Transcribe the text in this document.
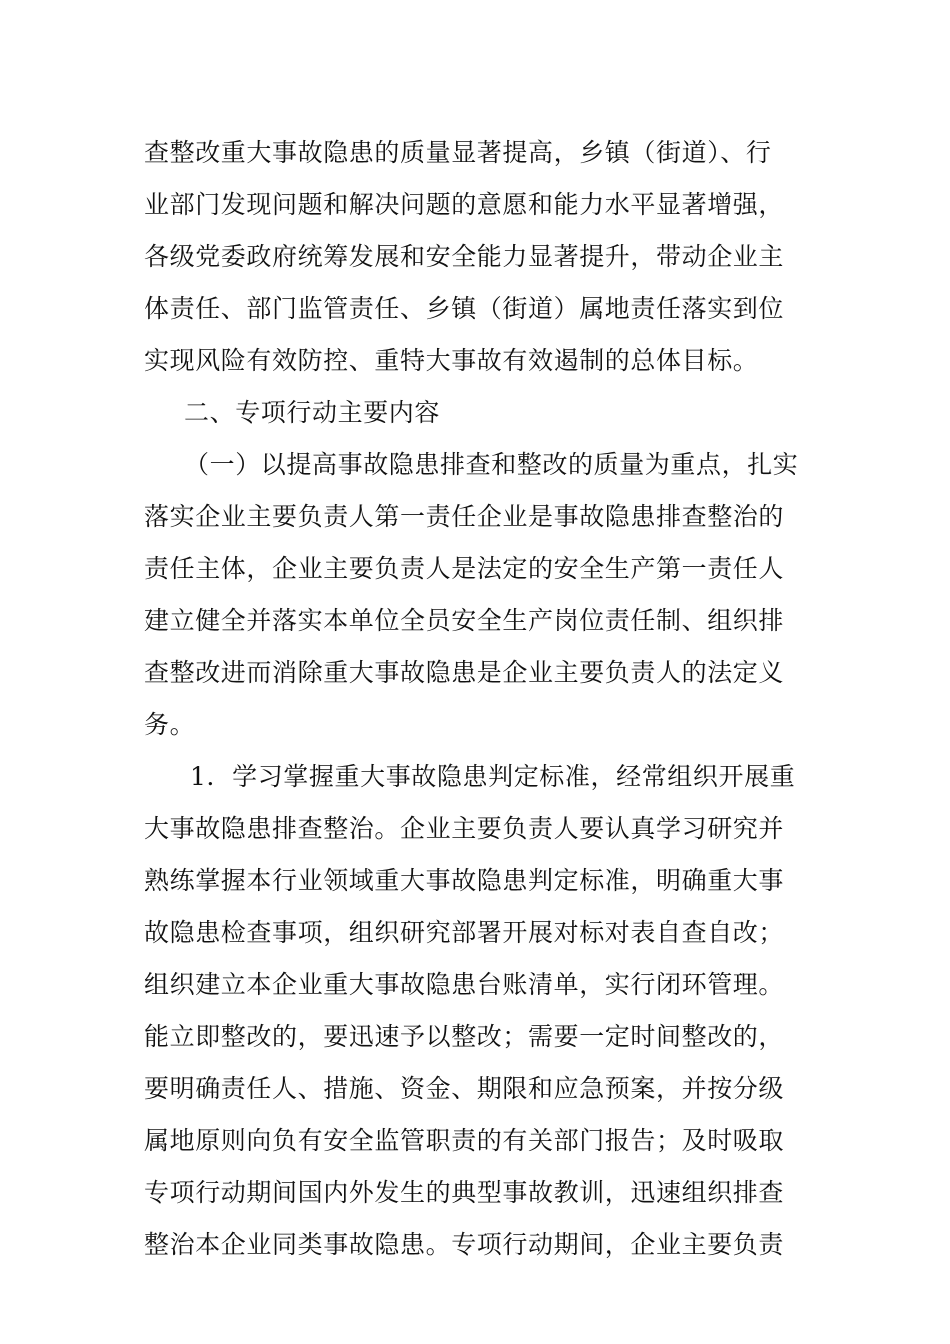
查整改重大事故隐患的质量显著提高，乡镇（街道）、行
业部门发现问题和解决问题的意愿和能力水平显著增强，
各级党委政府统筹发展和安全能力显著提升，带动企业主
体责任、部门监管责任、乡镇（街道）属地责任落实到位
实现风险有效防控、重特大事故有效遏制的总体目标。
二、专项行动主要内容
（一）以提高事故隐患排查和整改的质量为重点，扎实
落实企业主要负责人第一责任企业是事故隐患排查整治的
责任主体，企业主要负责人是法定的安全生产第一责任人
建立健全并落实本单位全员安全生产岗位责任制、组织排
查整改进而消除重大事故隐患是企业主要负责人的法定义
务。
1．学习掌握重大事故隐患判定标准，经常组织开展重
大事故隐患排查整治。企业主要负责人要认真学习研究并
熟练掌握本行业领域重大事故隐患判定标准，明确重大事
故隐患检查事项，组织研究部署开展对标对表自查自改；
组织建立本企业重大事故隐患台账清单，实行闭环管理。
能立即整改的，要迅速予以整改；需要一定时间整改的，
要明确责任人、措施、资金、期限和应急预案，并按分级
属地原则向负有安全监管职责的有关部门报告；及时吸取
专项行动期间国内外发生的典型事故教训，迅速组织排查
整治本企业同类事故隐患。专项行动期间，企业主要负责
